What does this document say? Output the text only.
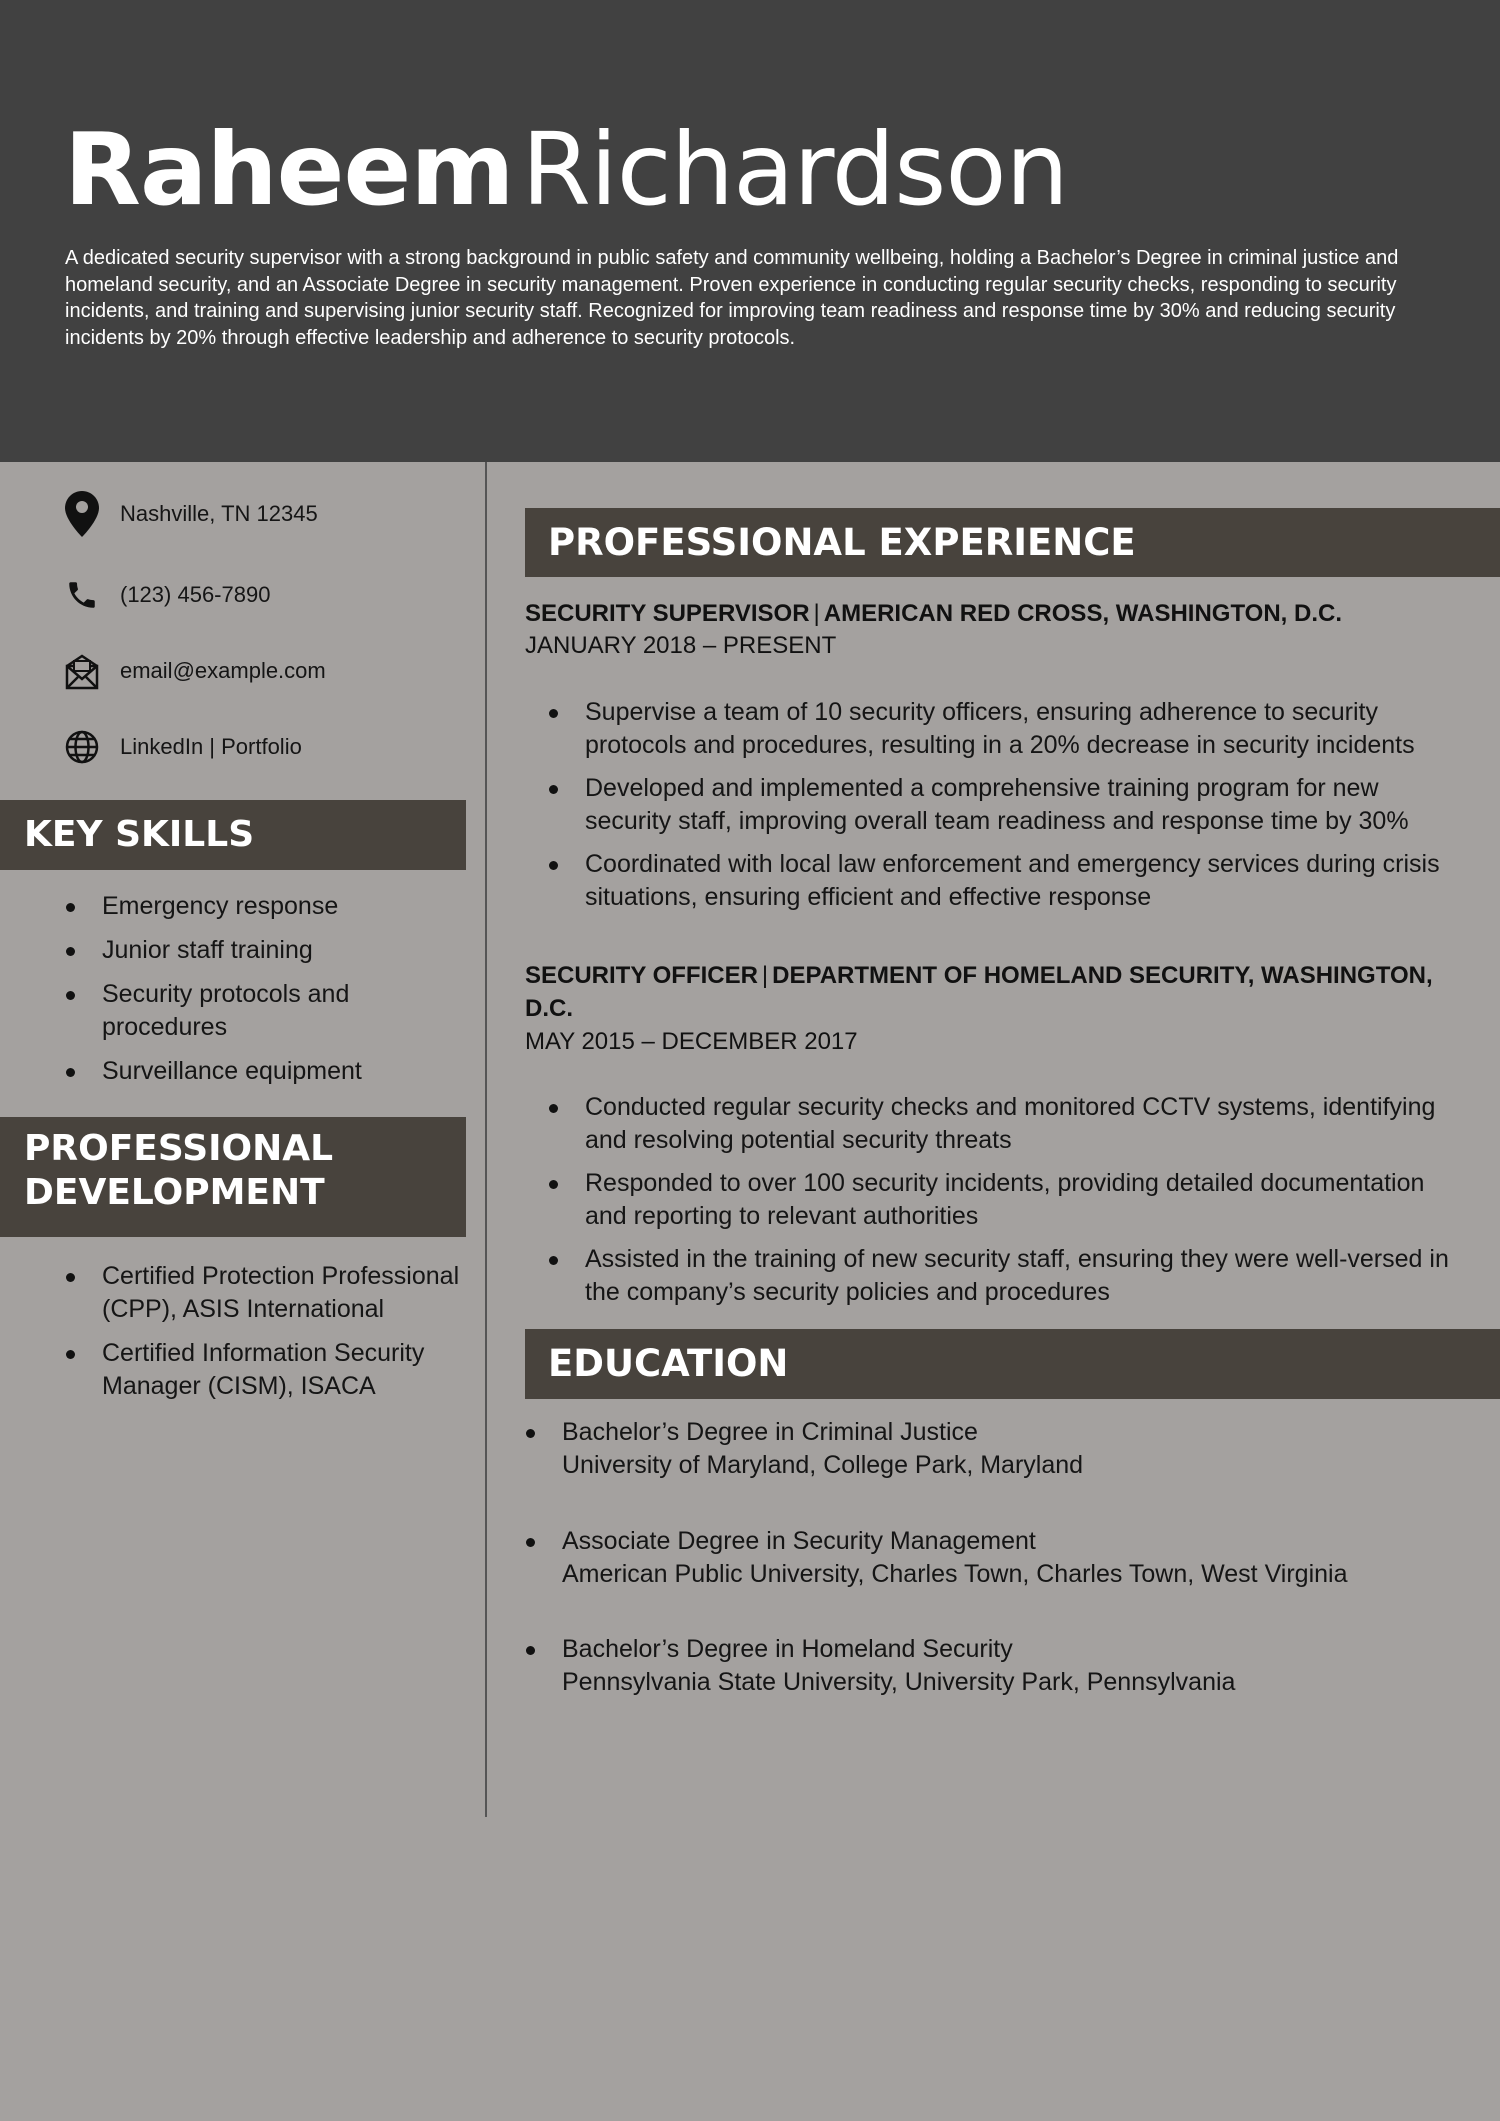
RaheemRichardson

A dedicated security supervisor with a strong background in public safety and community wellbeing, holding a Bachelor’s Degree in criminal justice and homeland security, and an Associate Degree in security management. Proven experience in conducting regular security checks, responding to security incidents, and training and supervising junior security staff. Recognized for improving team readiness and response time by 30% and reducing security incidents by 20% through effective leadership and adherence to security protocols.

Nashville, TN 12345
(123) 456-7890
email@example.com
LinkedIn | Portfolio
KEY SKILLS
Emergency response
Junior staff training
Security protocols and procedures
Surveillance equipment
PROFESSIONAL
DEVELOPMENT
Certified Protection Professional (CPP), ASIS International
Certified Information Security Manager (CISM), ISACA
PROFESSIONAL EXPERIENCE
SECURITY SUPERVISOR | AMERICAN RED CROSS, WASHINGTON, D.C.
JANUARY 2018 – PRESENT
Supervise a team of 10 security officers, ensuring adherence to security protocols and procedures, resulting in a 20% decrease in security incidents
Developed and implemented a comprehensive training program for new security staff, improving overall team readiness and response time by 30%
Coordinated with local law enforcement and emergency services during crisis situations, ensuring efficient and effective response
SECURITY OFFICER | DEPARTMENT OF HOMELAND SECURITY, WASHINGTON, D.C.
MAY 2015 – DECEMBER 2017
Conducted regular security checks and monitored CCTV systems, identifying and resolving potential security threats
Responded to over 100 security incidents, providing detailed documentation and reporting to relevant authorities
Assisted in the training of new security staff, ensuring they were well-versed in the company’s security policies and procedures
EDUCATION
Bachelor’s Degree in Criminal Justice
University of Maryland, College Park, Maryland
Associate Degree in Security Management
American Public University, Charles Town, Charles Town, West Virginia
Bachelor’s Degree in Homeland Security
Pennsylvania State University, University Park, Pennsylvania
